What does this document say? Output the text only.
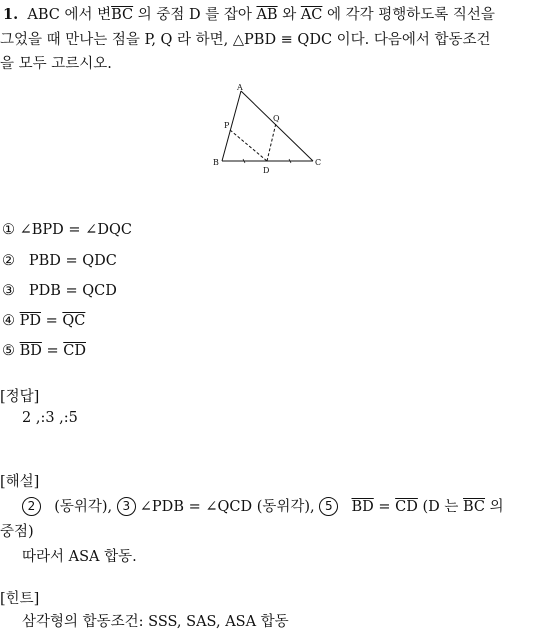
1. ABC 에서 변$\overline{BC}$ 의 중점 D 를 잡아 $\overline{AB}$ 와 $\overline{AC}$ 에 각각 평행하도록 직선을
그었을 때 만나는 점을 P, Q 라 하면, △PBD ≡ QDC 이다. 다음에서 합동조건
을 모두 고르시오.
A
B	C
D
P
Q
① ∠BPD = ∠DQC
② PBD = QDC
③ PDB = QCD
④ $\overline{PD} = \overline{QC}$
⑤ $\overline{BD} = \overline{CD}$
[정답]
2 ,:3 ,:5
[해설]
2 (동위각), 3 ∠PDB = ∠QCD (동위각), 5 $\overline{BD} = \overline{CD}$ (D 는 $\overline{BC}$ 의
중점)
따라서 ASA 합동.
[힌트]
삼각형의 합동조건: SSS, SAS, ASA 합동
